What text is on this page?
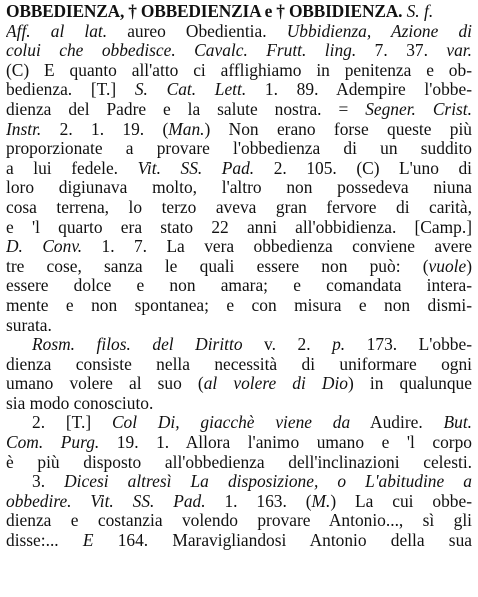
OBBEDIENZA, † OBBEDIENZIA e † OBBIDIENZA. S. f.
Aff. al lat. aureo Obedientia. Ubbidienza, Azione di
colui che obbedisce. Cavalc. Frutt. ling. 7. 37. var.
(C) E quanto all'atto ci afflighiamo in penitenza e ob-
bedienza. [T.] S. Cat. Lett. 1. 89. Adempire l'obbe-
dienza del Padre e la salute nostra. = Segner. Crist.
Instr. 2. 1. 19. (Man.) Non erano forse queste più
proporzionate a provare l'obbedienza di un suddito
a lui fedele. Vit. SS. Pad. 2. 105. (C) L'uno di
loro digiunava molto, l'altro non possedeva niuna
cosa terrena, lo terzo aveva gran fervore di carità,
e 'l quarto era stato 22 anni all'obbidienza. [Camp.]
D. Conv. 1. 7. La vera obbedienza conviene avere
tre cose, sanza le quali essere non può: (vuole)
essere dolce e non amara; e comandata intera-
mente e non spontanea; e con misura e non dismi-
surata.
Rosm. filos. del Diritto v. 2. p. 173. L'obbe-
dienza consiste nella necessità di uniformare ogni
umano volere al suo (al volere di Dio) in qualunque
sia modo conosciuto.
2. [T.] Col Di, giacchè viene da Audire. But.
Com. Purg. 19. 1. Allora l'animo umano e 'l corpo
è più disposto all'obbedienza dell'inclinazioni celesti.
3. Dicesi altresì La disposizione, o L'abitudine a
obbedire. Vit. SS. Pad. 1. 163. (M.) La cui obbe-
dienza e costanzia volendo provare Antonio..., sì gli
disse:... E 164. Maravigliandosi Antonio della sua
